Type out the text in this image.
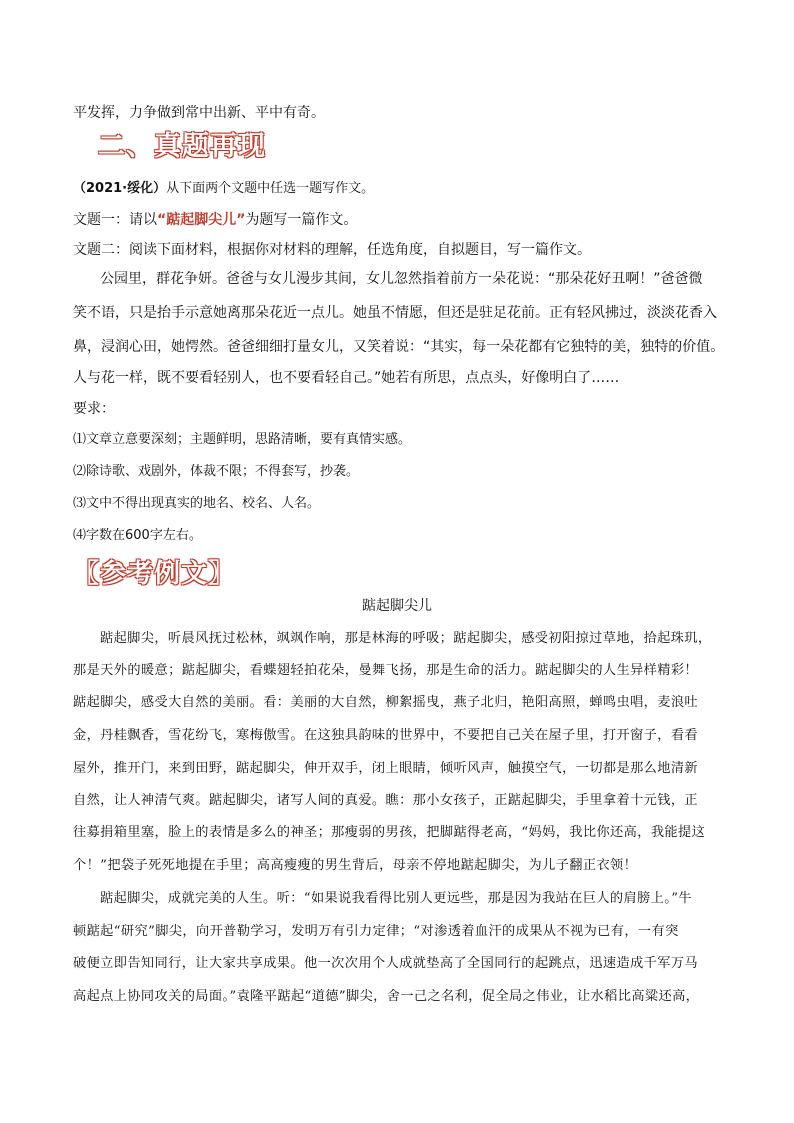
平发挥，力争做到常中出新、平中有奇。
二、真题再现
（2021·绥化）从下面两个文题中任选一题写作文。
文题一：请以“踮起脚尖儿”为题写一篇作文。
文题二：阅读下面材料，根据你对材料的理解，任选角度，自拟题目，写一篇作文。
公园里，群花争妍。爸爸与女儿漫步其间，女儿忽然指着前方一朵花说：“那朵花好丑啊！”爸爸微
笑不语，只是抬手示意她离那朵花近一点儿。她虽不情愿，但还是驻足花前。正有轻风拂过，淡淡花香入
鼻，浸润心田，她愕然。爸爸细细打量女儿，又笑着说：“其实，每一朵花都有它独特的美，独特的价值。
人与花一样，既不要看轻别人，也不要看轻自己。”她若有所思，点点头，好像明白了……
要求：
⑴文章立意要深刻；主题鲜明，思路清晰，要有真情实感。
⑵除诗歌、戏剧外，体裁不限；不得套写，抄袭。
⑶文中不得出现真实的地名、校名、人名。
⑷字数在600字左右。
〖参考例文〗
踮起脚尖儿
踮起脚尖，听晨风抚过松林，飒飒作响，那是林海的呼吸；踮起脚尖，感受初阳掠过草地，拾起珠玑，
那是天外的暖意；踮起脚尖，看蝶翅轻拍花朵，曼舞飞扬，那是生命的活力。踮起脚尖的人生异样精彩！
踮起脚尖，感受大自然的美丽。看：美丽的大自然，柳絮摇曳，燕子北归，艳阳高照，蝉鸣虫唱，麦浪吐
金，丹桂飘香，雪花纷飞，寒梅傲雪。在这独具韵味的世界中，不要把自己关在屋子里，打开窗子，看看
屋外，推开门，来到田野，踮起脚尖，伸开双手，闭上眼睛，倾听风声，触摸空气，一切都是那么地清新
自然，让人神清气爽。踮起脚尖，诸写人间的真爱。瞧：那小女孩子，正踮起脚尖，手里拿着十元钱，正
往募捐箱里塞，脸上的表情是多么的神圣；那瘦弱的男孩，把脚踮得老高，“妈妈，我比你还高，我能提这
个！”把袋子死死地提在手里；高高瘦瘦的男生背后，母亲不停地踮起脚尖，为儿子翻正衣领！
踮起脚尖，成就完美的人生。听：“如果说我看得比别人更远些，那是因为我站在巨人的肩膀上。”牛
顿踮起“研究”脚尖，向开普勒学习，发明万有引力定律；“对渗透着血汗的成果从不视为已有，一有突
破便立即告知同行，让大家共享成果。他一次次用个人成就垫高了全国同行的起跳点，迅速造成千军万马
高起点上协同攻关的局面。”袁隆平踮起“道德”脚尖，舍一己之名利，促全局之伟业，让水稻比高粱还高，
